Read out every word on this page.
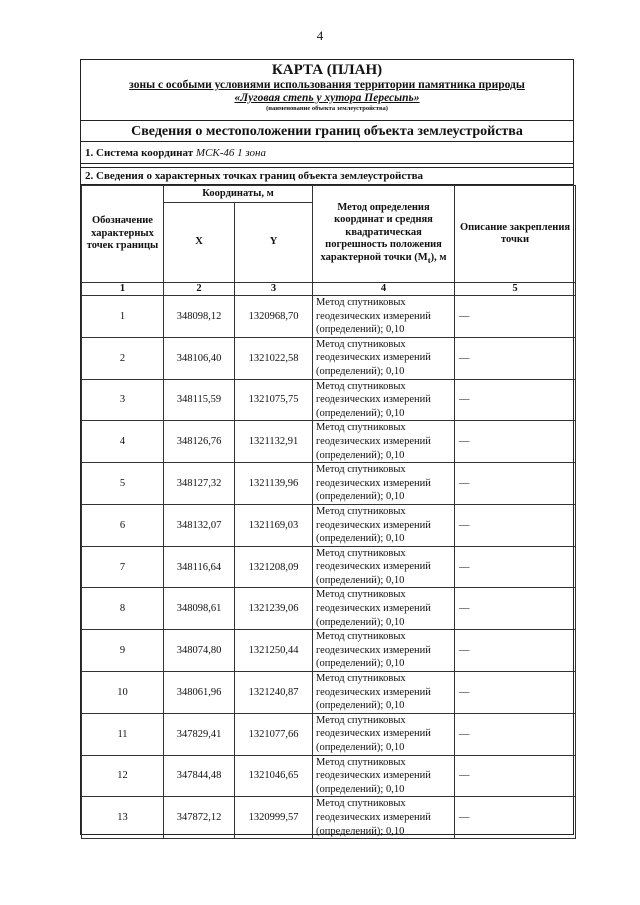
4
КАРТА (ПЛАН)
зоны с особыми условиями использования территории памятника природы
«Луговая степь у хутора Пересыпь»
(наименование объекта землеустройства)
Сведения о местоположении границ объекта землеустройства
1. Система координат МСК-46 1 зона
2. Сведения о характерных точках границ объекта землеустройства
Обозначение характерных точек границы	Координаты, м		Метод определения координат и средняя квадратическая погрешность положения характерной точки $(M_t)$, м	Описание закрепления точки
	X	Y		
1	2	3	4	5
1	348098,12	1320968,70	Метод спутниковых геодезических измерений (определений); 0,10	—
2	348106,40	1321022,58	Метод спутниковых геодезических измерений (определений); 0,10	—
3	348115,59	1321075,75	Метод спутниковых геодезических измерений (определений); 0,10	—
4	348126,76	1321132,91	Метод спутниковых геодезических измерений (определений); 0,10	—
5	348127,32	1321139,96	Метод спутниковых геодезических измерений (определений); 0,10	—
6	348132,07	1321169,03	Метод спутниковых геодезических измерений (определений); 0,10	—
7	348116,64	1321208,09	Метод спутниковых геодезических измерений (определений); 0,10	—
8	348098,61	1321239,06	Метод спутниковых геодезических измерений (определений); 0,10	—
9	348074,80	1321250,44	Метод спутниковых геодезических измерений (определений); 0,10	—
10	348061,96	1321240,87	Метод спутниковых геодезических измерений (определений); 0,10	—
11	347829,41	1321077,66	Метод спутниковых геодезических измерений (определений); 0,10	—
12	347844,48	1321046,65	Метод спутниковых геодезических измерений (определений); 0,10	—
13	347872,12	1320999,57	Метод спутниковых геодезических измерений (определений); 0,10	—
